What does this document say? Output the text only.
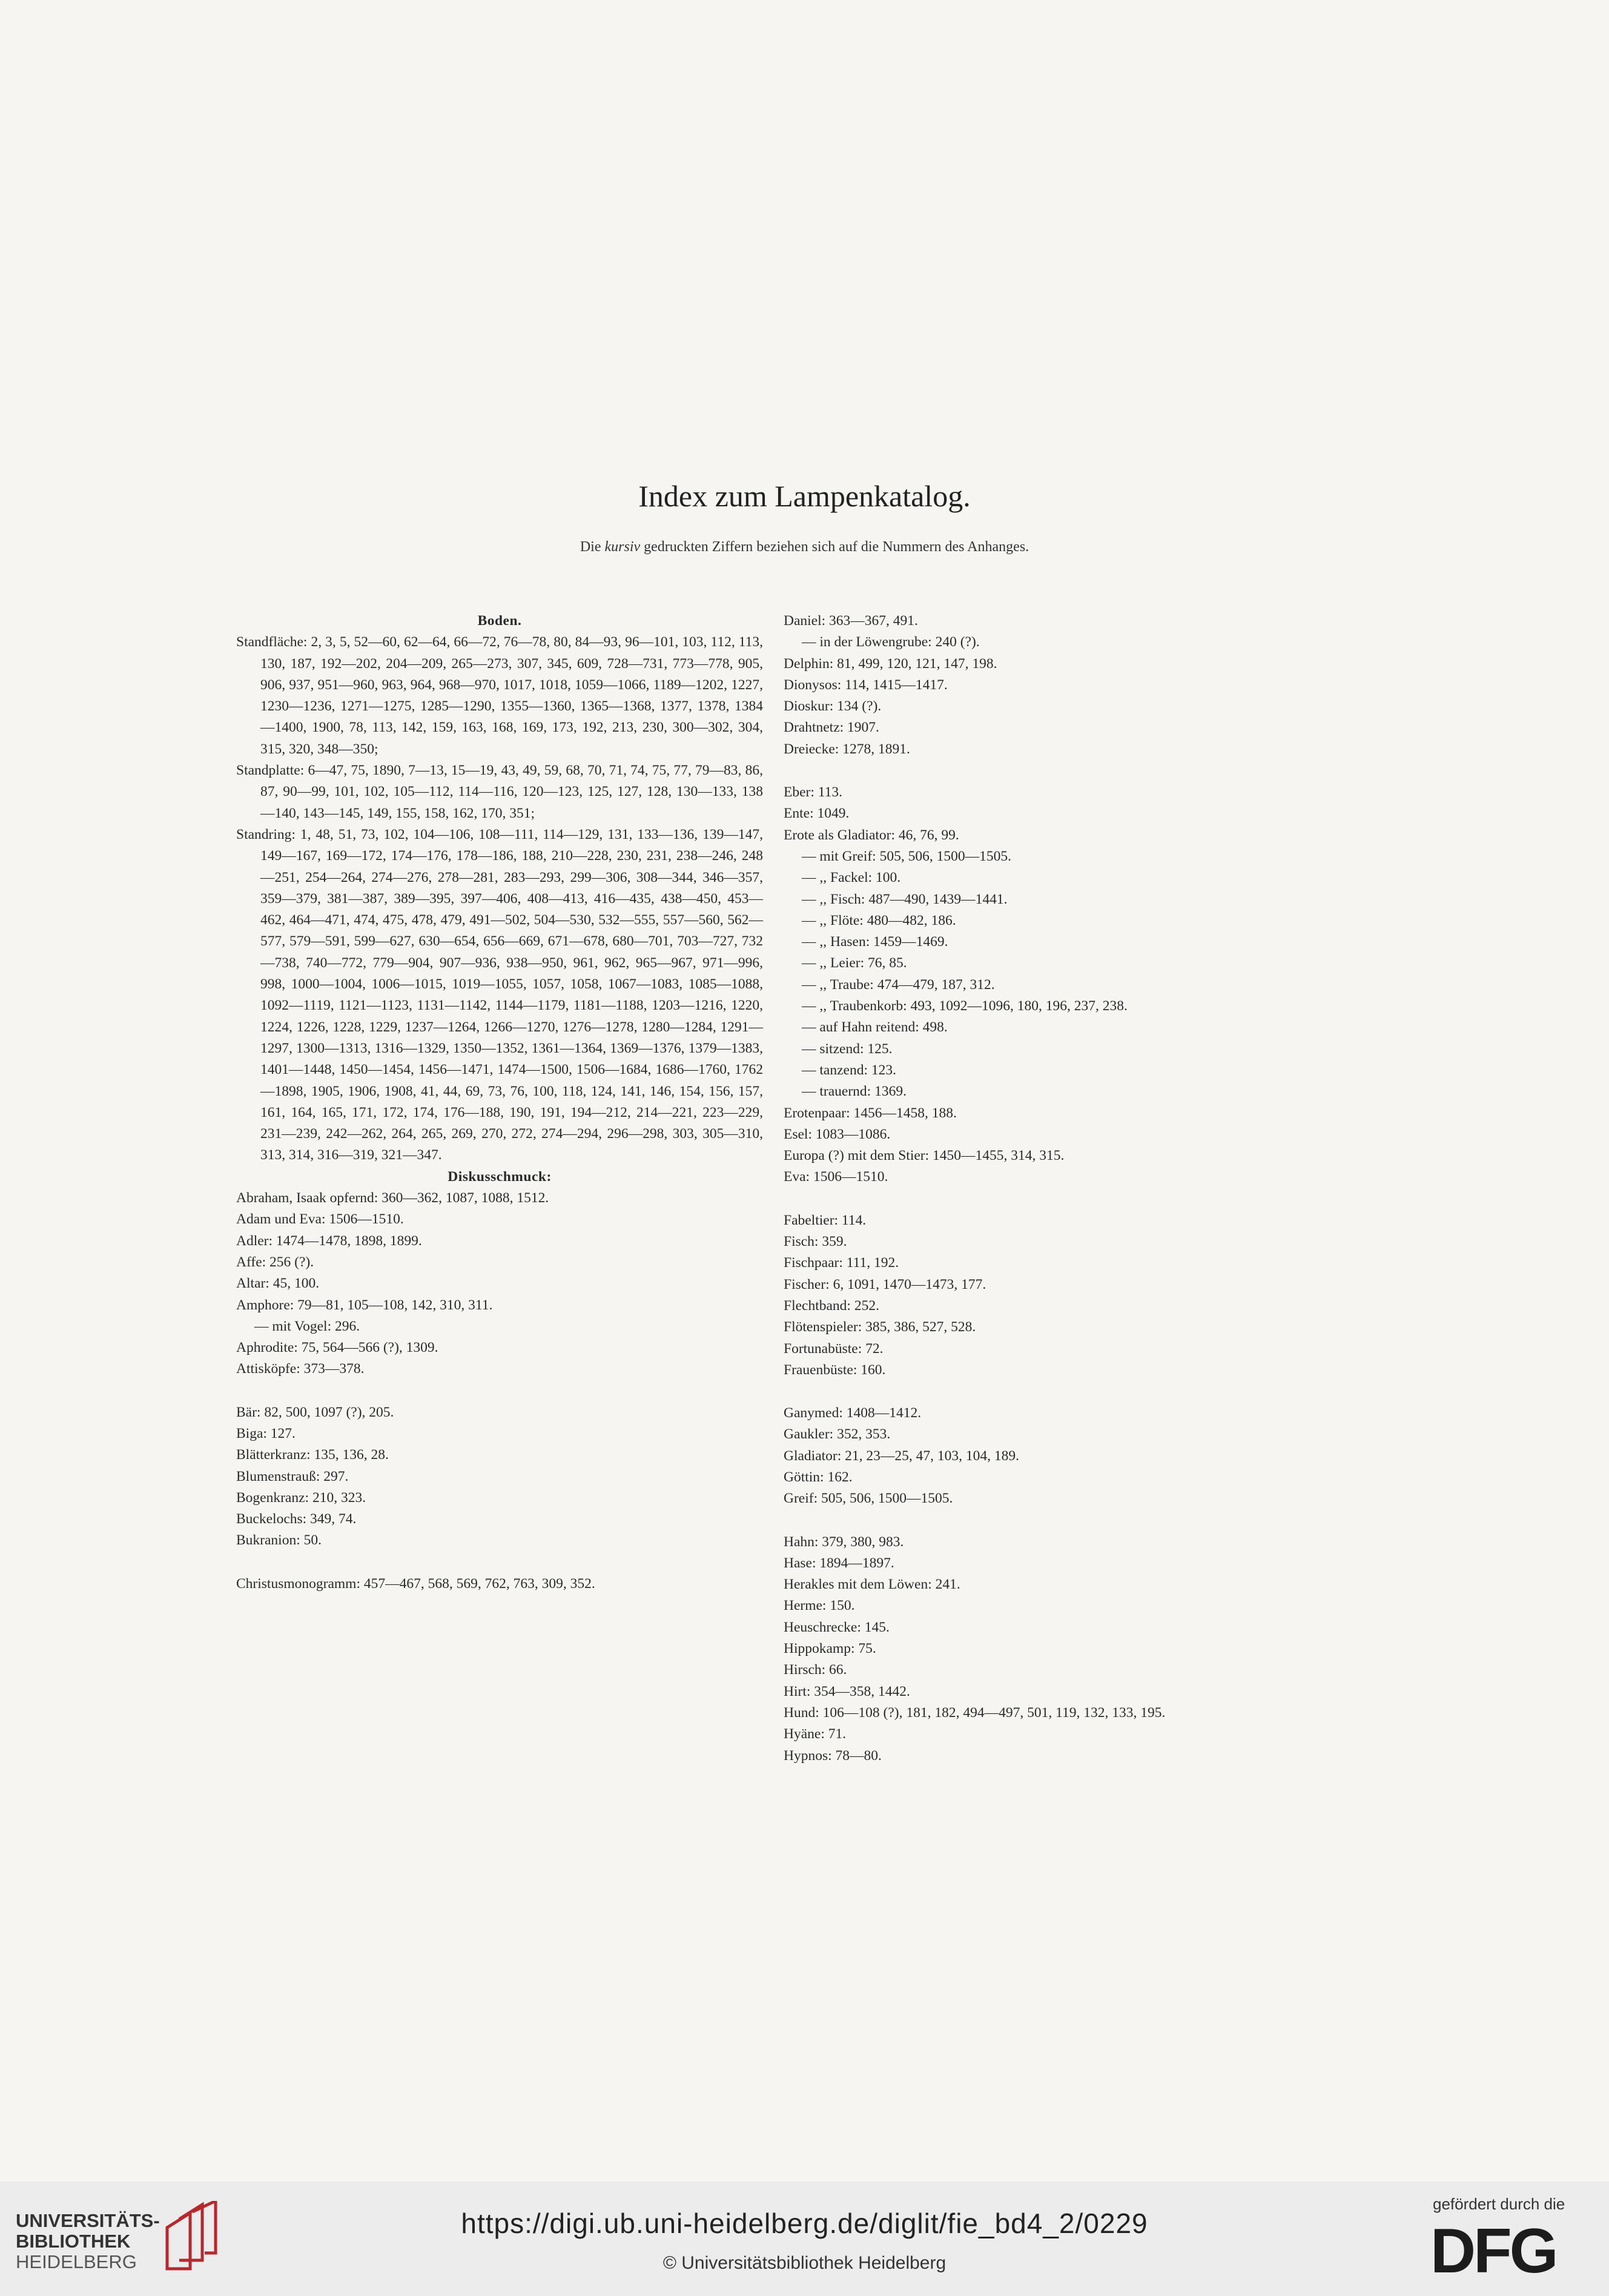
Index zum Lampenkatalog.
Die kursiv gedruckten Ziffern beziehen sich auf die Nummern des Anhanges.
Boden.
Standfläche: 2, 3, 5, 52—60, 62—64, 66—72, 76—78, 80, 84—93, 96—101, 103, 112, 113, 130, 187, 192—202, 204—209, 265—273, 307, 345, 609, 728—731, 773—778, 905, 906, 937, 951—960, 963, 964, 968—970, 1017, 1018, 1059—1066, 1189—1202, 1227, 1230—1236, 1271—1275, 1285—1290, 1355—1360, 1365—1368, 1377, 1378, 1384—1400, 1900, 78, 113, 142, 159, 163, 168, 169, 173, 192, 213, 230, 300—302, 304, 315, 320, 348—350;
Standplatte: 6—47, 75, 1890, 7—13, 15—19, 43, 49, 59, 68, 70, 71, 74, 75, 77, 79—83, 86, 87, 90—99, 101, 102, 105—112, 114—116, 120—123, 125, 127, 128, 130—133, 138—140, 143—145, 149, 155, 158, 162, 170, 351;
Standring: 1, 48, 51, 73, 102, 104—106, 108—111, 114—129, 131, 133—136, 139—147, 149—167, 169—172, 174—176, 178—186, 188, 210—228, 230, 231, 238—246, 248—251, 254—264, 274—276, 278—281, 283—293, 299—306, 308—344, 346—357, 359—379, 381—387, 389—395, 397—406, 408—413, 416—435, 438—450, 453—462, 464—471, 474, 475, 478, 479, 491—502, 504—530, 532—555, 557—560, 562—577, 579—591, 599—627, 630—654, 656—669, 671—678, 680—701, 703—727, 732—738, 740—772, 779—904, 907—936, 938—950, 961, 962, 965—967, 971—996, 998, 1000—1004, 1006—1015, 1019—1055, 1057, 1058, 1067—1083, 1085—1088, 1092—1119, 1121—1123, 1131—1142, 1144—1179, 1181—1188, 1203—1216, 1220, 1224, 1226, 1228, 1229, 1237—1264, 1266—1270, 1276—1278, 1280—1284, 1291—1297, 1300—1313, 1316—1329, 1350—1352, 1361—1364, 1369—1376, 1379—1383, 1401—1448, 1450—1454, 1456—1471, 1474—1500, 1506—1684, 1686—1760, 1762—1898, 1905, 1906, 1908, 41, 44, 69, 73, 76, 100, 118, 124, 141, 146, 154, 156, 157, 161, 164, 165, 171, 172, 174, 176—188, 190, 191, 194—212, 214—221, 223—229, 231—239, 242—262, 264, 265, 269, 270, 272, 274—294, 296—298, 303, 305—310, 313, 314, 316—319, 321—347.
Diskusschmuck:
Abraham, Isaak opfernd: 360—362, 1087, 1088, 1512.
Adam und Eva: 1506—1510.
Adler: 1474—1478, 1898, 1899.
Affe: 256 (?).
Altar: 45, 100.
Amphore: 79—81, 105—108, 142, 310, 311.
— mit Vogel: 296.
Aphrodite: 75, 564—566 (?), 1309.
Attisköpfe: 373—378.
Bär: 82, 500, 1097 (?), 205.
Biga: 127.
Blätterkranz: 135, 136, 28.
Blumenstrauß: 297.
Bogenkranz: 210, 323.
Buckelochs: 349, 74.
Bukranion: 50.
Christusmonogramm: 457—467, 568, 569, 762, 763, 309, 352.
Daniel: 363—367, 491.
— in der Löwengrube: 240 (?).
Delphin: 81, 499, 120, 121, 147, 198.
Dionysos: 114, 1415—1417.
Dioskur: 134 (?).
Drahtnetz: 1907.
Dreiecke: 1278, 1891.
Eber: 113.
Ente: 1049.
Erote als Gladiator: 46, 76, 99.
— mit Greif: 505, 506, 1500—1505.
— ,, Fackel: 100.
— ,, Fisch: 487—490, 1439—1441.
— ,, Flöte: 480—482, 186.
— ,, Hasen: 1459—1469.
— ,, Leier: 76, 85.
— ,, Traube: 474—479, 187, 312.
— ,, Traubenkorb: 493, 1092—1096, 180, 196, 237, 238.
— auf Hahn reitend: 498.
— sitzend: 125.
— tanzend: 123.
— trauernd: 1369.
Erotenpaar: 1456—1458, 188.
Esel: 1083—1086.
Europa (?) mit dem Stier: 1450—1455, 314, 315.
Eva: 1506—1510.
Fabeltier: 114.
Fisch: 359.
Fischpaar: 111, 192.
Fischer: 6, 1091, 1470—1473, 177.
Flechtband: 252.
Flötenspieler: 385, 386, 527, 528.
Fortunabüste: 72.
Frauenbüste: 160.
Ganymed: 1408—1412.
Gaukler: 352, 353.
Gladiator: 21, 23—25, 47, 103, 104, 189.
Göttin: 162.
Greif: 505, 506, 1500—1505.
Hahn: 379, 380, 983.
Hase: 1894—1897.
Herakles mit dem Löwen: 241.
Herme: 150.
Heuschrecke: 145.
Hippokamp: 75.
Hirsch: 66.
Hirt: 354—358, 1442.
Hund: 106—108 (?), 181, 182, 494—497, 501, 119, 132, 133, 195.
Hyäne: 71.
Hypnos: 78—80.
UNIVERSITÄTS-
BIBLIOTHEK
HEIDELBERG
https://digi.ub.uni-heidelberg.de/diglit/fie_bd4_2/0229
© Universitätsbibliothek Heidelberg
gefördert durch die
DFG
